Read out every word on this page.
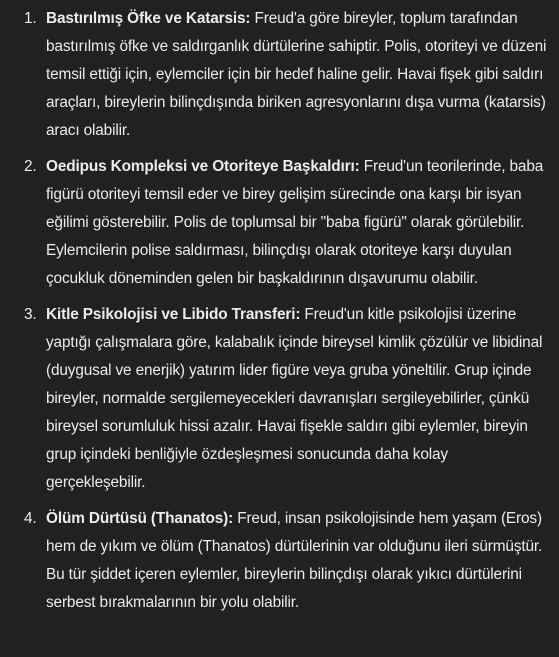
1. Bastırılmış Öfke ve Katarsis: Freud'a göre bireyler, toplum tarafından bastırılmış öfke ve saldırganlık dürtülerine sahiptir. Polis, otoriteyi ve düzeni temsil ettiği için, eylemciler için bir hedef haline gelir. Havai fişek gibi saldırı araçları, bireylerin bilinçdışında biriken agresyonlarını dışa vurma (katarsis) aracı olabilir.
2. Oedipus Kompleksi ve Otoriteye Başkaldırı: Freud'un teorilerinde, baba figürü otoriteyi temsil eder ve birey gelişim sürecinde ona karşı bir isyan eğilimi gösterebilir. Polis de toplumsal bir "baba figürü" olarak görülebilir. Eylemcilerin polise saldırması, bilinçdışı olarak otoriteye karşı duyulan çocukluk döneminden gelen bir başkaldırının dışavurumu olabilir.
3. Kitle Psikolojisi ve Libido Transferi: Freud'un kitle psikolojisi üzerine yaptığı çalışmalara göre, kalabalık içinde bireysel kimlik çözülür ve libidinal (duygusal ve enerjik) yatırım lider figüre veya gruba yöneltilir. Grup içinde bireyler, normalde sergilemeyecekleri davranışları sergileyebilirler, çünkü bireysel sorumluluk hissi azalır. Havai fişekle saldırı gibi eylemler, bireyin grup içindeki benliğiyle özdeşleşmesi sonucunda daha kolay gerçekleşebilir.
4. Ölüm Dürtüsü (Thanatos): Freud, insan psikolojisinde hem yaşam (Eros) hem de yıkım ve ölüm (Thanatos) dürtülerinin var olduğunu ileri sürmüştür. Bu tür şiddet içeren eylemler, bireylerin bilinçdışı olarak yıkıcı dürtülerini serbest bırakmalarının bir yolu olabilir.
